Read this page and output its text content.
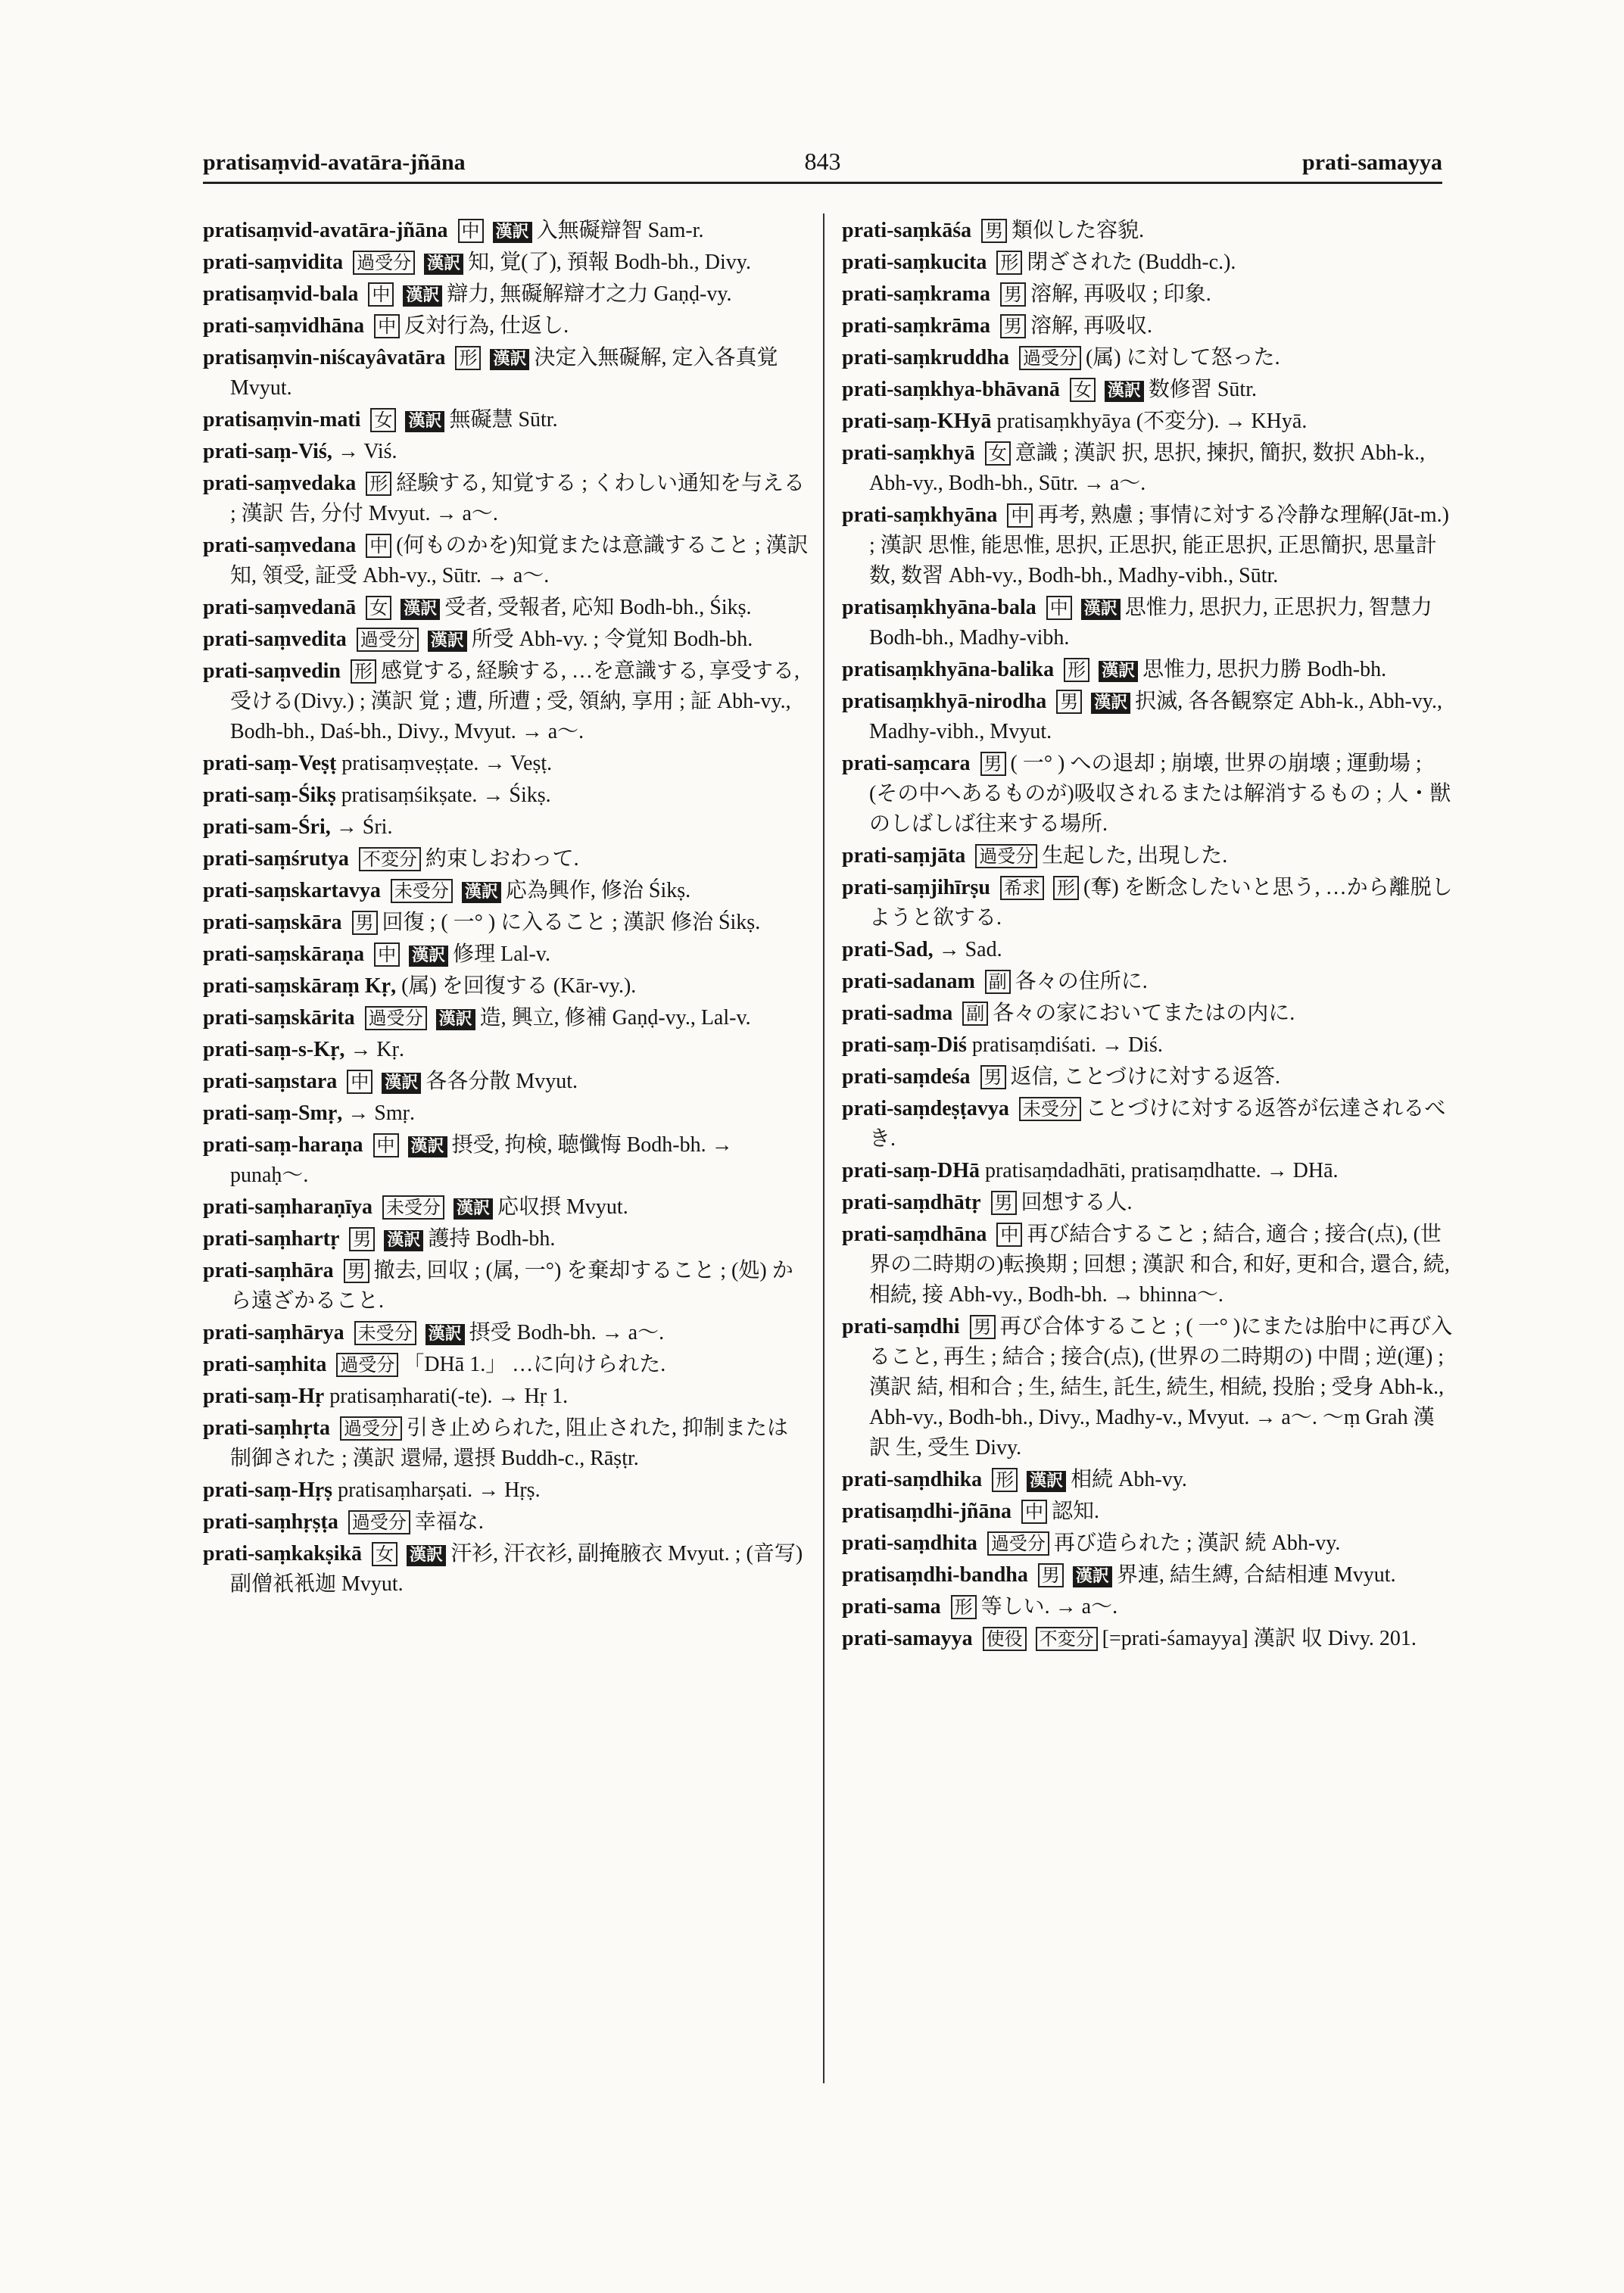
pratisaṃvid-avatāra-jñāna	843	prati-samayya
pratisaṃvid-avatāra-jñāna 中 漢訳 入無礙辯智 Sam-r.
prati-saṃvidita 過受分 漢訳 知, 覚(了), 預報 Bodh-bh., Divy.
pratisaṃvid-bala 中 漢訳 辯力, 無礙解辯才之力 Gaṇḍ-vy.
prati-saṃvidhāna 中 反対行為, 仕返し.
pratisaṃvin-niścayâvatāra 形 漢訳 決定入無礙解, 定入各真覚 Mvyut.
pratisaṃvin-mati 女 漢訳 無礙慧 Sūtr.
prati-saṃ-Viś, → Viś.
prati-saṃvedaka 形 経験する, 知覚する ; くわしい通知を与える ; 漢訳 告, 分付 Mvyut. → a〜.
prati-saṃvedana 中 (何ものかを)知覚または意識すること ; 漢訳 知, 領受, 証受 Abh-vy., Sūtr. → a〜.
prati-saṃvedanā 女 漢訳 受者, 受報者, 応知 Bodh-bh., Śikṣ.
prati-saṃvedita 過受分 漢訳 所受 Abh-vy. ; 令覚知 Bodh-bh.
prati-saṃvedin 形 感覚する, 経験する, …を意識する, 享受する, 受ける(Divy.) ; 漢訳 覚 ; 遭, 所遭 ; 受, 領納, 享用 ; 証 Abh-vy., Bodh-bh., Daś-bh., Divy., Mvyut. → a〜.
prati-saṃ-Veṣṭ pratisaṃveṣṭate. → Veṣṭ.
prati-saṃ-Śikṣ pratisaṃśikṣate. → Śikṣ.
prati-sam-Śri, → Śri.
prati-saṃśrutya 不変分 約束しおわって.
prati-saṃskartavya 未受分 漢訳 応為興作, 修治 Śikṣ.
prati-saṃskāra 男 回復 ; ( 一° ) に入ること ; 漢訳 修治 Śikṣ.
prati-saṃskāraṇa 中 漢訳 修理 Lal-v.
prati-saṃskāraṃ Kṛ, (属) を回復する (Kār-vy.).
prati-saṃskārita 過受分 漢訳 造, 興立, 修補 Gaṇḍ-vy., Lal-v.
prati-saṃ-s-Kṛ, → Kṛ.
prati-saṃstara 中 漢訳 各各分散 Mvyut.
prati-saṃ-Smṛ, → Smṛ.
prati-saṃ-haraṇa 中 漢訳 摂受, 拘検, 聴懺悔 Bodh-bh. → punaḥ〜.
prati-saṃharaṇīya 未受分 漢訳 応収摂 Mvyut.
prati-saṃhartṛ 男 漢訳 護持 Bodh-bh.
prati-saṃhāra 男 撤去, 回収 ; (属, 一°) を棄却すること ; (処) から遠ざかること.
prati-saṃhārya 未受分 漢訳 摂受 Bodh-bh. → a〜.
prati-saṃhita 過受分 「DHā 1.」 …に向けられた.
prati-saṃ-Hṛ pratisaṃharati(-te). → Hṛ 1.
prati-saṃhṛta 過受分 引き止められた, 阻止された, 抑制または制御された ; 漢訳 還帰, 還摂 Buddh-c., Rāṣṭr.
prati-saṃ-Hṛṣ pratisaṃharṣati. → Hṛṣ.
prati-saṃhṛṣṭa 過受分 幸福な.
prati-saṃkakṣikā 女 漢訳 汗衫, 汗衣衫, 副掩腋衣 Mvyut. ; (音写) 副僧祇衹迦 Mvyut.
prati-saṃkāśa 男 類似した容貌.
prati-saṃkucita 形 閉ざされた (Buddh-c.).
prati-saṃkrama 男 溶解, 再吸収 ; 印象.
prati-saṃkrāma 男 溶解, 再吸収.
prati-saṃkruddha 過受分 (属) に対して怒った.
prati-saṃkhya-bhāvanā 女 漢訳 数修習 Sūtr.
prati-saṃ-KHyā pratisaṃkhyāya (不変分). → KHyā.
prati-saṃkhyā 女 意識 ; 漢訳 択, 思択, 揀択, 簡択, 数択 Abh-k., Abh-vy., Bodh-bh., Sūtr. → a〜.
prati-saṃkhyāna 中 再考, 熟慮 ; 事情に対する冷静な理解(Jāt-m.) ; 漢訳 思惟, 能思惟, 思択, 正思択, 能正思択, 正思簡択, 思量計数, 数習 Abh-vy., Bodh-bh., Madhy-vibh., Sūtr.
pratisaṃkhyāna-bala 中 漢訳 思惟力, 思択力, 正思択力, 智慧力 Bodh-bh., Madhy-vibh.
pratisaṃkhyāna-balika 形 漢訳 思惟力, 思択力勝 Bodh-bh.
pratisaṃkhyā-nirodha 男 漢訳 択滅, 各各観察定 Abh-k., Abh-vy., Madhy-vibh., Mvyut.
prati-saṃcara 男 ( 一° ) への退却 ; 崩壊, 世界の崩壊 ; 運動場 ; (その中へあるものが)吸収されるまたは解消するもの ; 人・獣のしばしば往来する場所.
prati-saṃjāta 過受分 生起した, 出現した.
prati-saṃjihīrṣu 希求 形 (奪) を断念したいと思う, …から離脱しようと欲する.
prati-Sad, → Sad.
prati-sadanam 副 各々の住所に.
prati-sadma 副 各々の家においてまたはの内に.
prati-saṃ-Diś pratisaṃdiśati. → Diś.
prati-saṃdeśa 男 返信, ことづけに対する返答.
prati-saṃdeṣṭavya 未受分 ことづけに対する返答が伝達されるべき.
prati-saṃ-DHā pratisaṃdadhāti, pratisaṃdhatte. → DHā.
prati-saṃdhātṛ 男 回想する人.
prati-saṃdhāna 中 再び結合すること ; 結合, 適合 ; 接合(点), (世界の二時期の)転換期 ; 回想 ; 漢訳 和合, 和好, 更和合, 還合, 続, 相続, 接 Abh-vy., Bodh-bh. → bhinna〜.
prati-saṃdhi 男 再び合体すること ; ( 一° )にまたは胎中に再び入ること, 再生 ; 結合 ; 接合(点), (世界の二時期の) 中間 ; 逆(運) ; 漢訳 結, 相和合 ; 生, 結生, 託生, 続生, 相続, 投胎 ; 受身 Abh-k., Abh-vy., Bodh-bh., Divy., Madhy-v., Mvyut. → a〜. 〜ṃ Grah 漢訳 生, 受生 Divy.
prati-saṃdhika 形 漢訳 相続 Abh-vy.
pratisaṃdhi-jñāna 中 認知.
prati-saṃdhita 過受分 再び造られた ; 漢訳 続 Abh-vy.
pratisaṃdhi-bandha 男 漢訳 界連, 結生縛, 合結相連 Mvyut.
prati-sama 形 等しい. → a〜.
prati-samayya 使役 不変分 [=prati-śamayya] 漢訳 収 Divy. 201.
